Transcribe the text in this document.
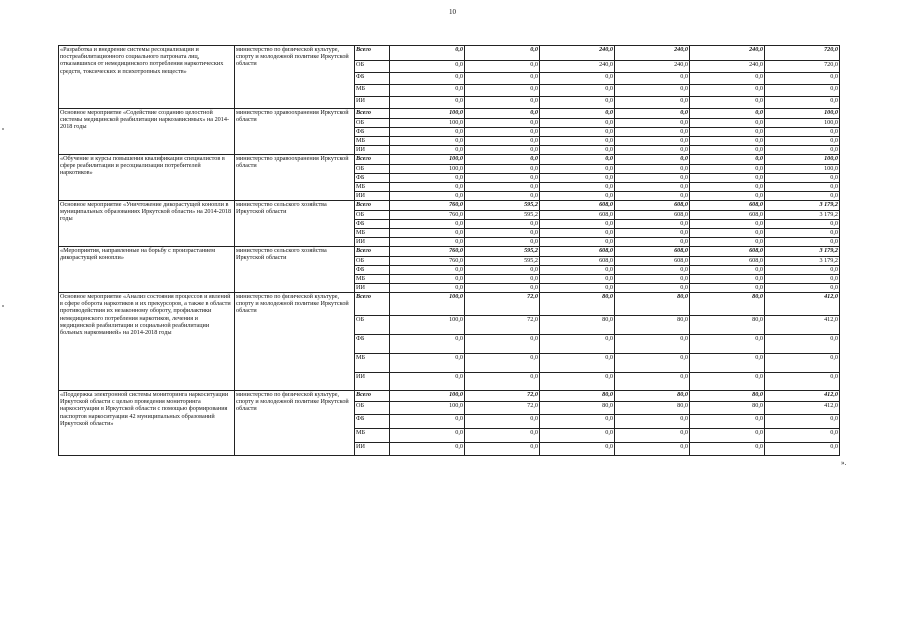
10
«Разработка и внедрение системы ресоциализации и постреабилитационного социального патроната лиц, отказавшихся от немедицинского потребления наркотических средств, токсических и психотропных веществ»	министерство по физической культуре, спорту и молодежной политике Иркутской области	Всего	0,0	0,0	240,0	240,0	240,0	720,0
		ОБ	0,0	0,0	240,0	240,0	240,0	720,0
		ФБ	0,0	0,0	0,0	0,0	0,0	0,0
		МБ	0,0	0,0	0,0	0,0	0,0	0,0
		ИИ	0,0	0,0	0,0	0,0	0,0	0,0
Основное мероприятие «Содействие созданию целостной системы медицинской реабилитации наркозависимых» на 2014-2018 годы	министерство здравоохранения Иркутской области	Всего	100,0	0,0	0,0	0,0	0,0	100,0
		ОБ	100,0	0,0	0,0	0,0	0,0	100,0
		ФБ	0,0	0,0	0,0	0,0	0,0	0,0
		МБ	0,0	0,0	0,0	0,0	0,0	0,0
		ИИ	0,0	0,0	0,0	0,0	0,0	0,0
«Обучение и курсы повышения квалификации специалистов в сфере реабилитации и ресоциализации потребителей наркотиков»	министерство здравоохранения Иркутской области	Всего	100,0	0,0	0,0	0,0	0,0	100,0
		ОБ	100,0	0,0	0,0	0,0	0,0	100,0
		ФБ	0,0	0,0	0,0	0,0	0,0	0,0
		МБ	0,0	0,0	0,0	0,0	0,0	0,0
		ИИ	0,0	0,0	0,0	0,0	0,0	0,0
Основное мероприятие «Уничтожение дикорастущей конопли в муниципальных образованиях Иркутской области» на 2014-2018 годы	министерство сельского хозяйства Иркутской области	Всего	760,0	595,2	608,0	608,0	608,0	3 179,2
		ОБ	760,0	595,2	608,0	608,0	608,0	3 179,2
		ФБ	0,0	0,0	0,0	0,0	0,0	0,0
		МБ	0,0	0,0	0,0	0,0	0,0	0,0
		ИИ	0,0	0,0	0,0	0,0	0,0	0,0
«Мероприятия, направленные на борьбу с произрастанием дикорастущей конопли»	министерство сельского хозяйства Иркутской области	Всего	760,0	595,2	608,0	608,0	608,0	3 179,2
		ОБ	760,0	595,2	608,0	608,0	608,0	3 179,2
		ФБ	0,0	0,0	0,0	0,0	0,0	0,0
		МБ	0,0	0,0	0,0	0,0	0,0	0,0
		ИИ	0,0	0,0	0,0	0,0	0,0	0,0
Основное мероприятие «Анализ состояния процессов и явлений в сфере оборота наркотиков и их прекурсоров, а также в области противодействия их незаконному обороту, профилактики немедицинского потребления наркотиков, лечения и медицинской реабилитации и социальной реабилитации больных наркоманией» на 2014-2018 годы	министерство по физической культуре, спорту и молодежной политике Иркутской области	Всего	100,0	72,0	80,0	80,0	80,0	412,0
		ОБ	100,0	72,0	80,0	80,0	80,0	412,0
		ФБ	0,0	0,0	0,0	0,0	0,0	0,0
		МБ	0,0	0,0	0,0	0,0	0,0	0,0
		ИИ	0,0	0,0	0,0	0,0	0,0	0,0
«Поддержка электронной системы мониторинга наркоситуации Иркутской области с целью проведения мониторинга наркоситуации в Иркутской области с помощью формирования паспортов наркоситуации 42 муниципальных образований Иркутской области»	министерство по физической культуре, спорту и молодежной политике Иркутской области	Всего	100,0	72,0	80,0	80,0	80,0	412,0
		ОБ	100,0	72,0	80,0	80,0	80,0	412,0
		ФБ	0,0	0,0	0,0	0,0	0,0	0,0
		МБ	0,0	0,0	0,0	0,0	0,0	0,0
		ИИ	0,0	0,0	0,0	0,0	0,0	0,0
».
